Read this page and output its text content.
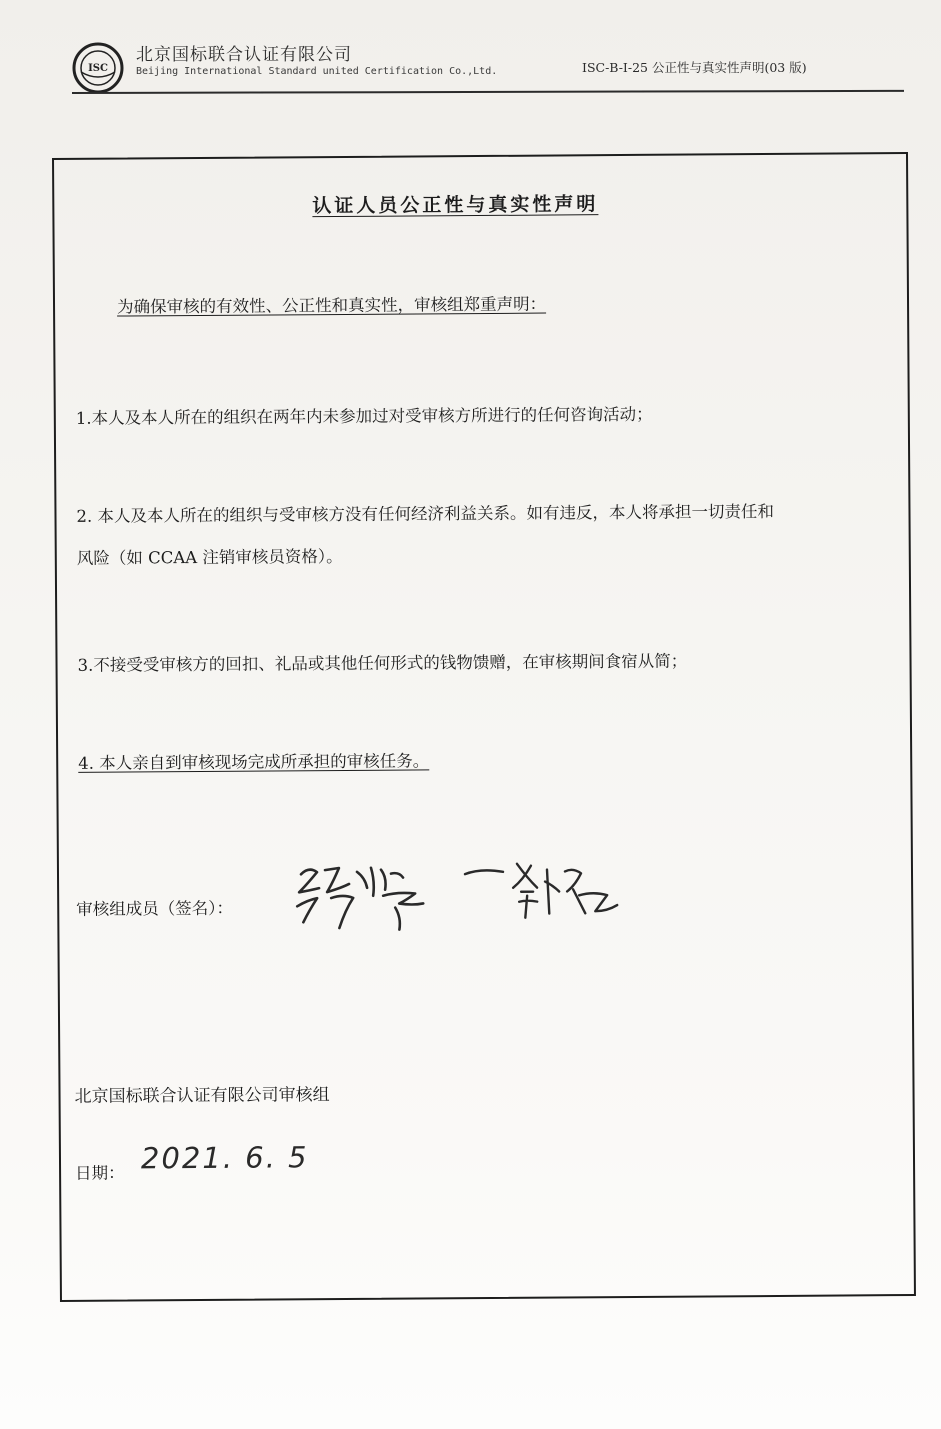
ISC
北京国标联合认证有限公司
Beijing International Standard united Certification Co.,Ltd.	ISC-B-I-25 公正性与真实性声明(03 版)
认证人员公正性与真实性声明
为确保审核的有效性、公正性和真实性，审核组郑重声明：
1.本人及本人所在的组织在两年内未参加过对受审核方所进行的任何咨询活动；
2. 本人及本人所在的组织与受审核方没有任何经济利益关系。如有违反，本人将承担一切责任和
风险（如 CCAA 注销审核员资格）。
3.不接受受审核方的回扣、礼品或其他任何形式的钱物馈赠，在审核期间食宿从简；
4. 本人亲自到审核现场完成所承担的审核任务。
审核组成员（签名）：
北京国标联合认证有限公司审核组
日期： 2021. 6. 5
